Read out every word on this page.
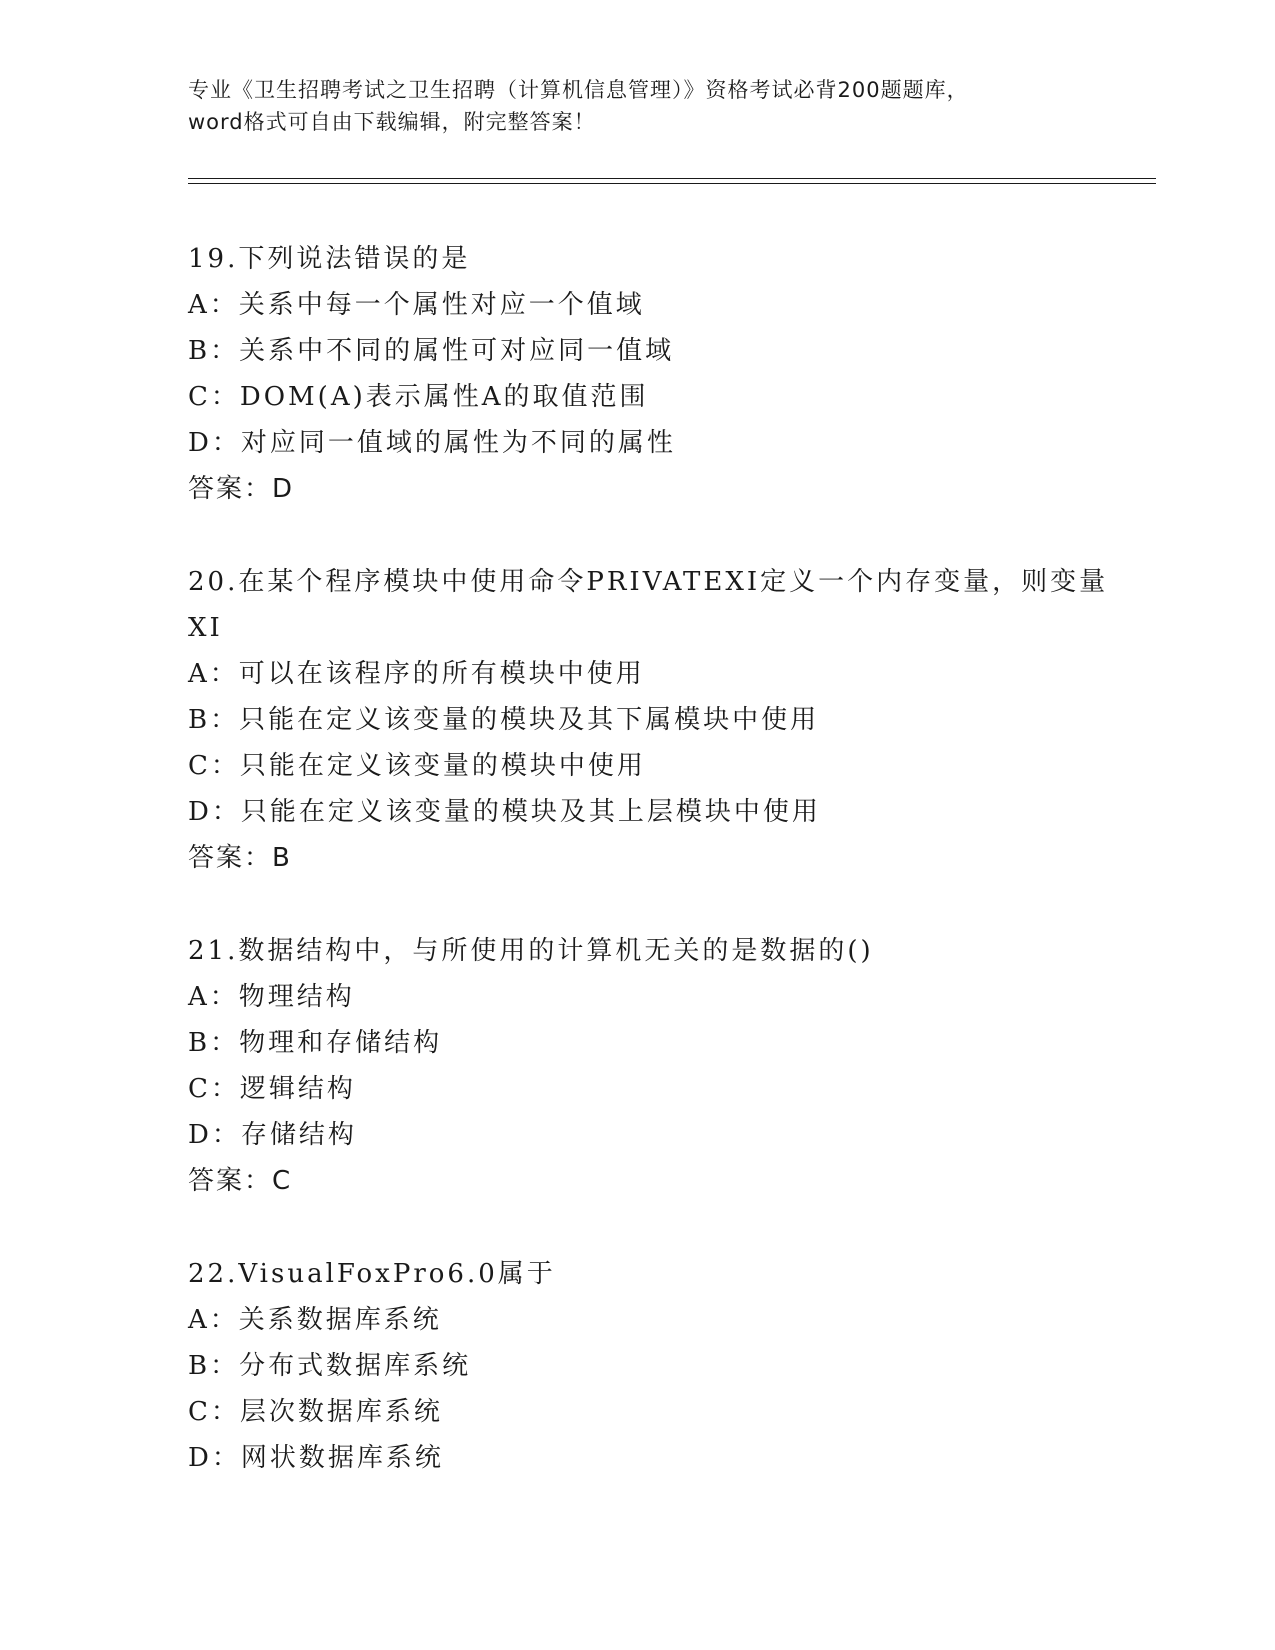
专业《卫生招聘考试之卫生招聘（计算机信息管理）》资格考试必背200题题库，
word格式可自由下载编辑，附完整答案！
19.下列说法错误的是
A：关系中每一个属性对应一个值域
B：关系中不同的属性可对应同一值域
C：DOM(A)表示属性A的取值范围
D：对应同一值域的属性为不同的属性
答案：D
20.在某个程序模块中使用命令PRIVATEXI定义一个内存变量，则变量
XI
A：可以在该程序的所有模块中使用
B：只能在定义该变量的模块及其下属模块中使用
C：只能在定义该变量的模块中使用
D：只能在定义该变量的模块及其上层模块中使用
答案：B
21.数据结构中，与所使用的计算机无关的是数据的()
A：物理结构
B：物理和存储结构
C：逻辑结构
D：存储结构
答案：C
22.VisualFoxPro6.0属于
A：关系数据库系统
B：分布式数据库系统
C：层次数据库系统
D：网状数据库系统
